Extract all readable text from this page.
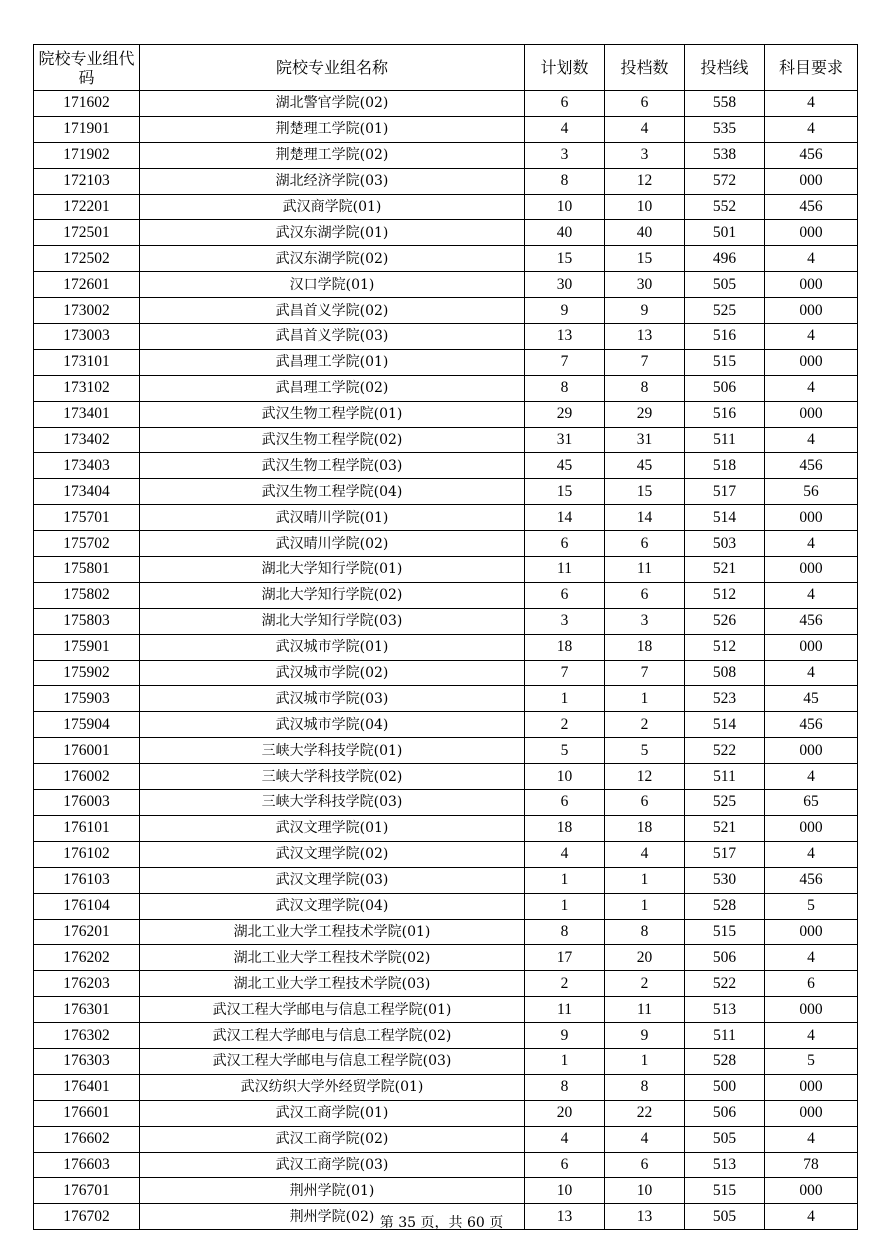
院校专业组代码	院校专业组名称	计划数	投档数	投档线	科目要求
171602	湖北警官学院(02)	6	6	558	4
171901	荆楚理工学院(01)	4	4	535	4
171902	荆楚理工学院(02)	3	3	538	456
172103	湖北经济学院(03)	8	12	572	000
172201	武汉商学院(01)	10	10	552	456
172501	武汉东湖学院(01)	40	40	501	000
172502	武汉东湖学院(02)	15	15	496	4
172601	汉口学院(01)	30	30	505	000
173002	武昌首义学院(02)	9	9	525	000
173003	武昌首义学院(03)	13	13	516	4
173101	武昌理工学院(01)	7	7	515	000
173102	武昌理工学院(02)	8	8	506	4
173401	武汉生物工程学院(01)	29	29	516	000
173402	武汉生物工程学院(02)	31	31	511	4
173403	武汉生物工程学院(03)	45	45	518	456
173404	武汉生物工程学院(04)	15	15	517	56
175701	武汉晴川学院(01)	14	14	514	000
175702	武汉晴川学院(02)	6	6	503	4
175801	湖北大学知行学院(01)	11	11	521	000
175802	湖北大学知行学院(02)	6	6	512	4
175803	湖北大学知行学院(03)	3	3	526	456
175901	武汉城市学院(01)	18	18	512	000
175902	武汉城市学院(02)	7	7	508	4
175903	武汉城市学院(03)	1	1	523	45
175904	武汉城市学院(04)	2	2	514	456
176001	三峡大学科技学院(01)	5	5	522	000
176002	三峡大学科技学院(02)	10	12	511	4
176003	三峡大学科技学院(03)	6	6	525	65
176101	武汉文理学院(01)	18	18	521	000
176102	武汉文理学院(02)	4	4	517	4
176103	武汉文理学院(03)	1	1	530	456
176104	武汉文理学院(04)	1	1	528	5
176201	湖北工业大学工程技术学院(01)	8	8	515	000
176202	湖北工业大学工程技术学院(02)	17	20	506	4
176203	湖北工业大学工程技术学院(03)	2	2	522	6
176301	武汉工程大学邮电与信息工程学院(01)	11	11	513	000
176302	武汉工程大学邮电与信息工程学院(02)	9	9	511	4
176303	武汉工程大学邮电与信息工程学院(03)	1	1	528	5
176401	武汉纺织大学外经贸学院(01)	8	8	500	000
176601	武汉工商学院(01)	20	22	506	000
176602	武汉工商学院(02)	4	4	505	4
176603	武汉工商学院(03)	6	6	513	78
176701	荆州学院(01)	10	10	515	000
176702	荆州学院(02)	13	13	505	4
第 35 页，共 60 页
